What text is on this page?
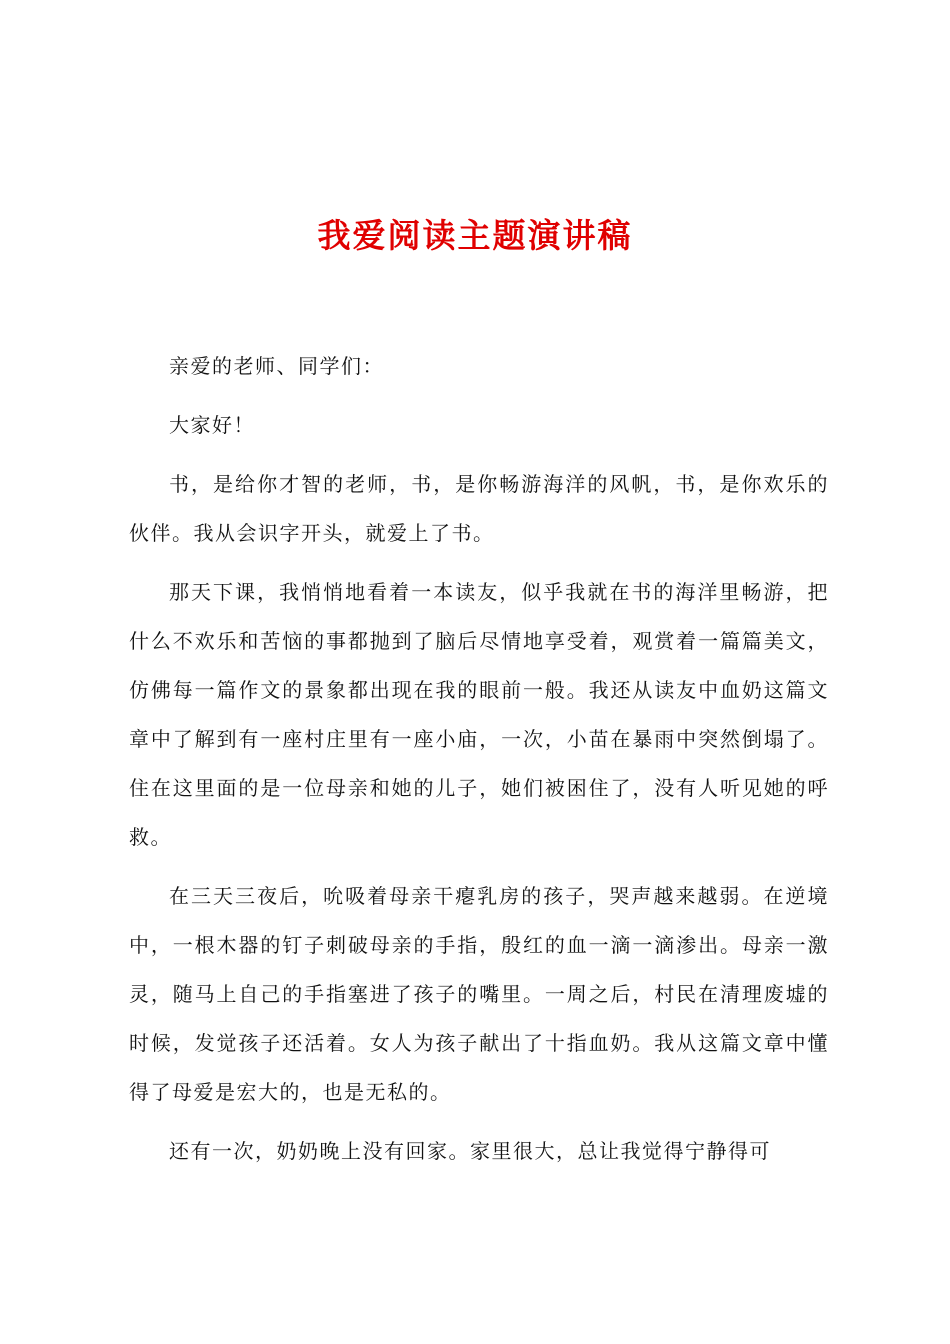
我爱阅读主题演讲稿

亲爱的老师、同学们：

大家好！

书，是给你才智的老师，书，是你畅游海洋的风帆，书，是你欢乐的伙伴。我从会识字开头，就爱上了书。

那天下课，我悄悄地看着一本读友，似乎我就在书的海洋里畅游，把什么不欢乐和苦恼的事都抛到了脑后尽情地享受着，观赏着一篇篇美文，仿佛每一篇作文的景象都出现在我的眼前一般。我还从读友中血奶这篇文章中了解到有一座村庄里有一座小庙，一次，小苗在暴雨中突然倒塌了。住在这里面的是一位母亲和她的儿子，她们被困住了，没有人听见她的呼救。

在三天三夜后，吮吸着母亲干瘪乳房的孩子，哭声越来越弱。在逆境中，一根木器的钉子刺破母亲的手指，殷红的血一滴一滴渗出。母亲一激灵，随马上自己的手指塞进了孩子的嘴里。一周之后，村民在清理废墟的时候，发觉孩子还活着。女人为孩子献出了十指血奶。我从这篇文章中懂得了母爱是宏大的，也是无私的。

还有一次，奶奶晚上没有回家。家里很大，总让我觉得宁静得可
